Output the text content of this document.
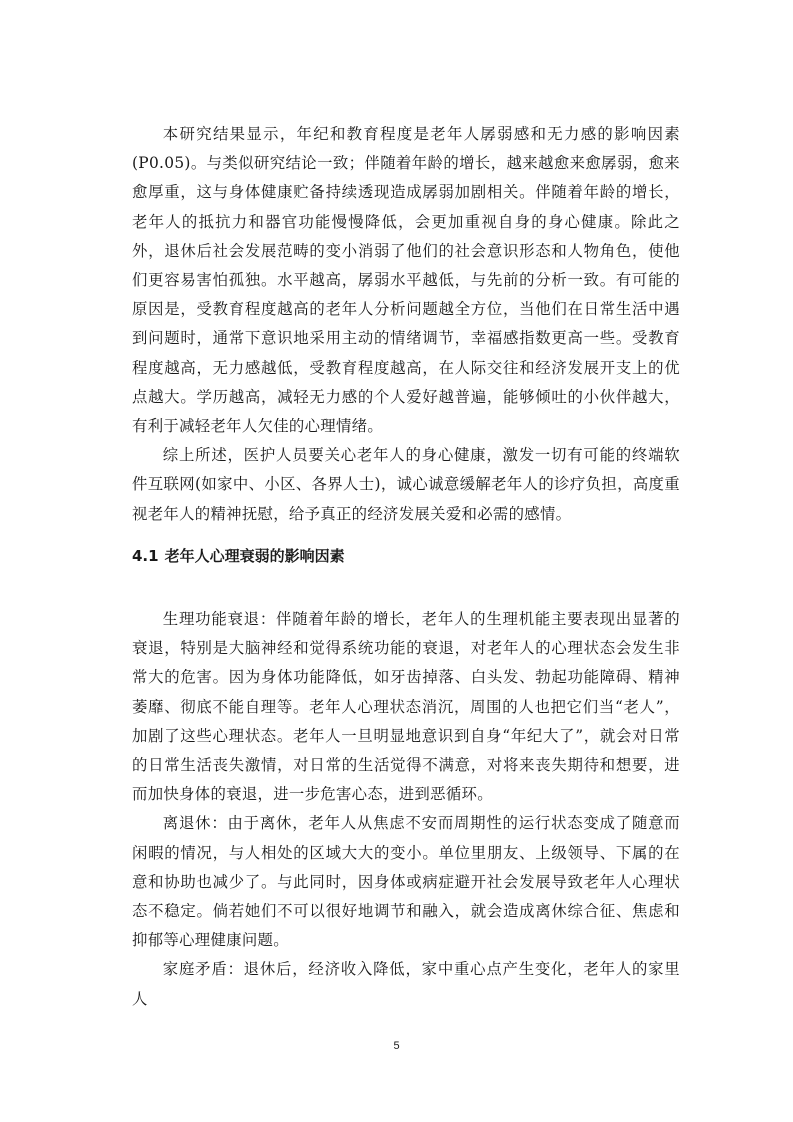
本研究结果显示，年纪和教育程度是老年人孱弱感和无力感的影响因素(P0.05)。与类似研究结论一致；伴随着年龄的增长，越来越愈来愈孱弱，愈来愈厚重，这与身体健康贮备持续透现造成孱弱加剧相关。伴随着年龄的增长，老年人的抵抗力和器官功能慢慢降低，会更加重视自身的身心健康。除此之外，退休后社会发展范畴的变小消弱了他们的社会意识形态和人物角色，使他们更容易害怕孤独。水平越高，孱弱水平越低，与先前的分析一致。有可能的原因是，受教育程度越高的老年人分析问题越全方位，当他们在日常生活中遇到问题时，通常下意识地采用主动的情绪调节，幸福感指数更高一些。受教育程度越高，无力感越低，受教育程度越高，在人际交往和经济发展开支上的优点越大。学历越高，减轻无力感的个人爱好越普遍，能够倾吐的小伙伴越大，有利于减轻老年人欠佳的心理情绪。

综上所述，医护人员要关心老年人的身心健康，激发一切有可能的终端软件互联网(如家中、小区、各界人士)，诚心诚意缓解老年人的诊疗负担，高度重视老年人的精神抚慰，给予真正的经济发展关爱和必需的感情。

4.1 老年人心理衰弱的影响因素

生理功能衰退：伴随着年龄的增长，老年人的生理机能主要表现出显著的衰退，特别是大脑神经和觉得系统功能的衰退，对老年人的心理状态会发生非常大的危害。因为身体功能降低，如牙齿掉落、白头发、勃起功能障碍、精神萎靡、彻底不能自理等。老年人心理状态消沉，周围的人也把它们当“老人”，加剧了这些心理状态。老年人一旦明显地意识到自身“年纪大了”，就会对日常的日常生活丧失激情，对日常的生活觉得不满意，对将来丧失期待和想要，进而加快身体的衰退，进一步危害心态，进到恶循环。

离退休：由于离休，老年人从焦虑不安而周期性的运行状态变成了随意而闲暇的情况，与人相处的区域大大的变小。单位里朋友、上级领导、下属的在意和协助也减少了。与此同时，因身体或病症避开社会发展导致老年人心理状态不稳定。倘若她们不可以很好地调节和融入，就会造成离休综合征、焦虑和抑郁等心理健康问题。

家庭矛盾：退休后，经济收入降低，家中重心点产生变化，老年人的家里人

5
